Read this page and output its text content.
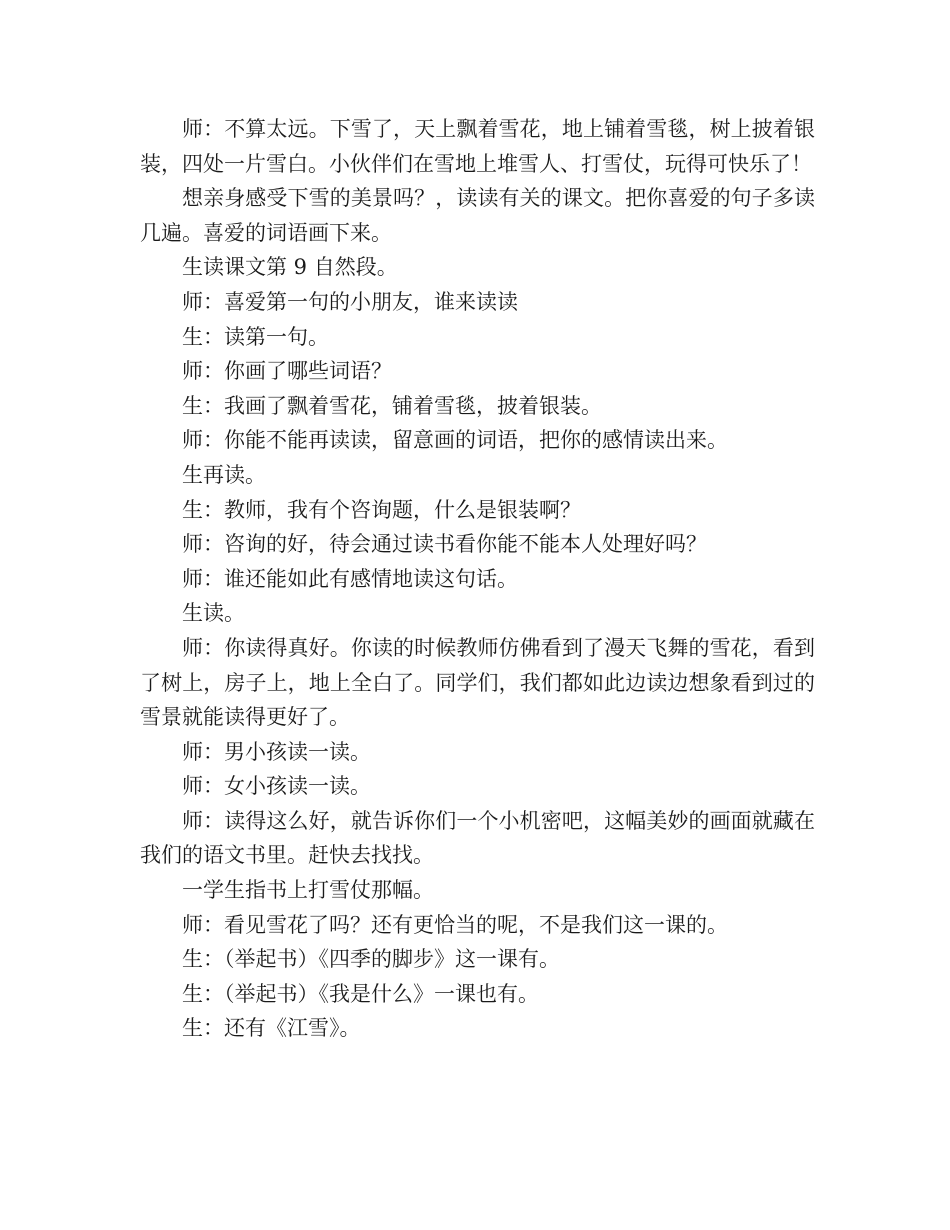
师：不算太远。下雪了，天上飘着雪花，地上铺着雪毯，树上披着银装，四处一片雪白。小伙伴们在雪地上堆雪人、打雪仗，玩得可快乐了！

想亲身感受下雪的美景吗？，读读有关的课文。把你喜爱的句子多读几遍。喜爱的词语画下来。

生读课文第 9 自然段。

师：喜爱第一句的小朋友，谁来读读

生：读第一句。

师：你画了哪些词语？

生：我画了飘着雪花，铺着雪毯，披着银装。

师：你能不能再读读，留意画的词语，把你的感情读出来。

生再读。

生：教师，我有个咨询题，什么是银装啊？

师：咨询的好，待会通过读书看你能不能本人处理好吗？

师：谁还能如此有感情地读这句话。

生读。

师：你读得真好。你读的时候教师仿佛看到了漫天飞舞的雪花，看到了树上，房子上，地上全白了。同学们，我们都如此边读边想象看到过的雪景就能读得更好了。

师：男小孩读一读。

师：女小孩读一读。

师：读得这么好，就告诉你们一个小机密吧，这幅美妙的画面就藏在我们的语文书里。赶快去找找。

一学生指书上打雪仗那幅。

师：看见雪花了吗？还有更恰当的呢，不是我们这一课的。

生：（举起书）《四季的脚步》这一课有。

生：（举起书）《我是什么》一课也有。

生：还有《江雪》。
